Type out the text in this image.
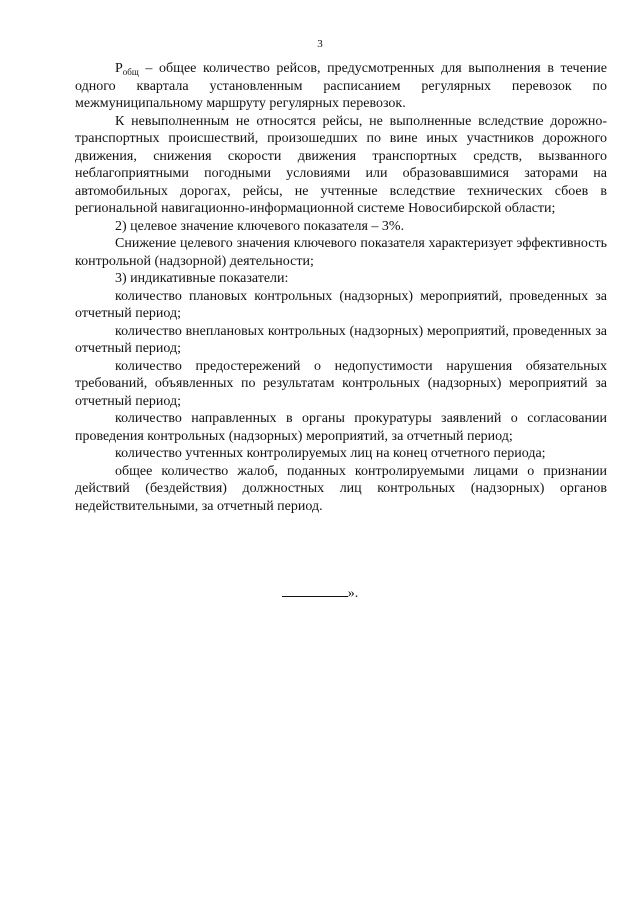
3

$P_{общ}$ – общее количество рейсов, предусмотренных для выполнения в течение одного квартала установленным расписанием регулярных перевозок по межмуниципальному маршруту регулярных перевозок.

К невыполненным не относятся рейсы, не выполненные вследствие дорожно-транспортных происшествий, произошедших по вине иных участников дорожного движения, снижения скорости движения транспортных средств, вызванного неблагоприятными погодными условиями или образовавшимися заторами на автомобильных дорогах, рейсы, не учтенные вследствие технических сбоев в региональной навигационно-информационной системе Новосибирской области;

2) целевое значение ключевого показателя – 3%.

Снижение целевого значения ключевого показателя характеризует эффективность контрольной (надзорной) деятельности;

3) индикативные показатели:

количество плановых контрольных (надзорных) мероприятий, проведенных за отчетный период;

количество внеплановых контрольных (надзорных) мероприятий, проведенных за отчетный период;

количество предостережений о недопустимости нарушения обязательных требований, объявленных по результатам контрольных (надзорных) мероприятий за отчетный период;

количество направленных в органы прокуратуры заявлений о согласовании проведения контрольных (надзорных) мероприятий, за отчетный период;

количество учтенных контролируемых лиц на конец отчетного периода;

общее количество жалоб, поданных контролируемыми лицами о признании действий (бездействия) должностных лиц контрольных (надзорных) органов недействительными, за отчетный период.

».
